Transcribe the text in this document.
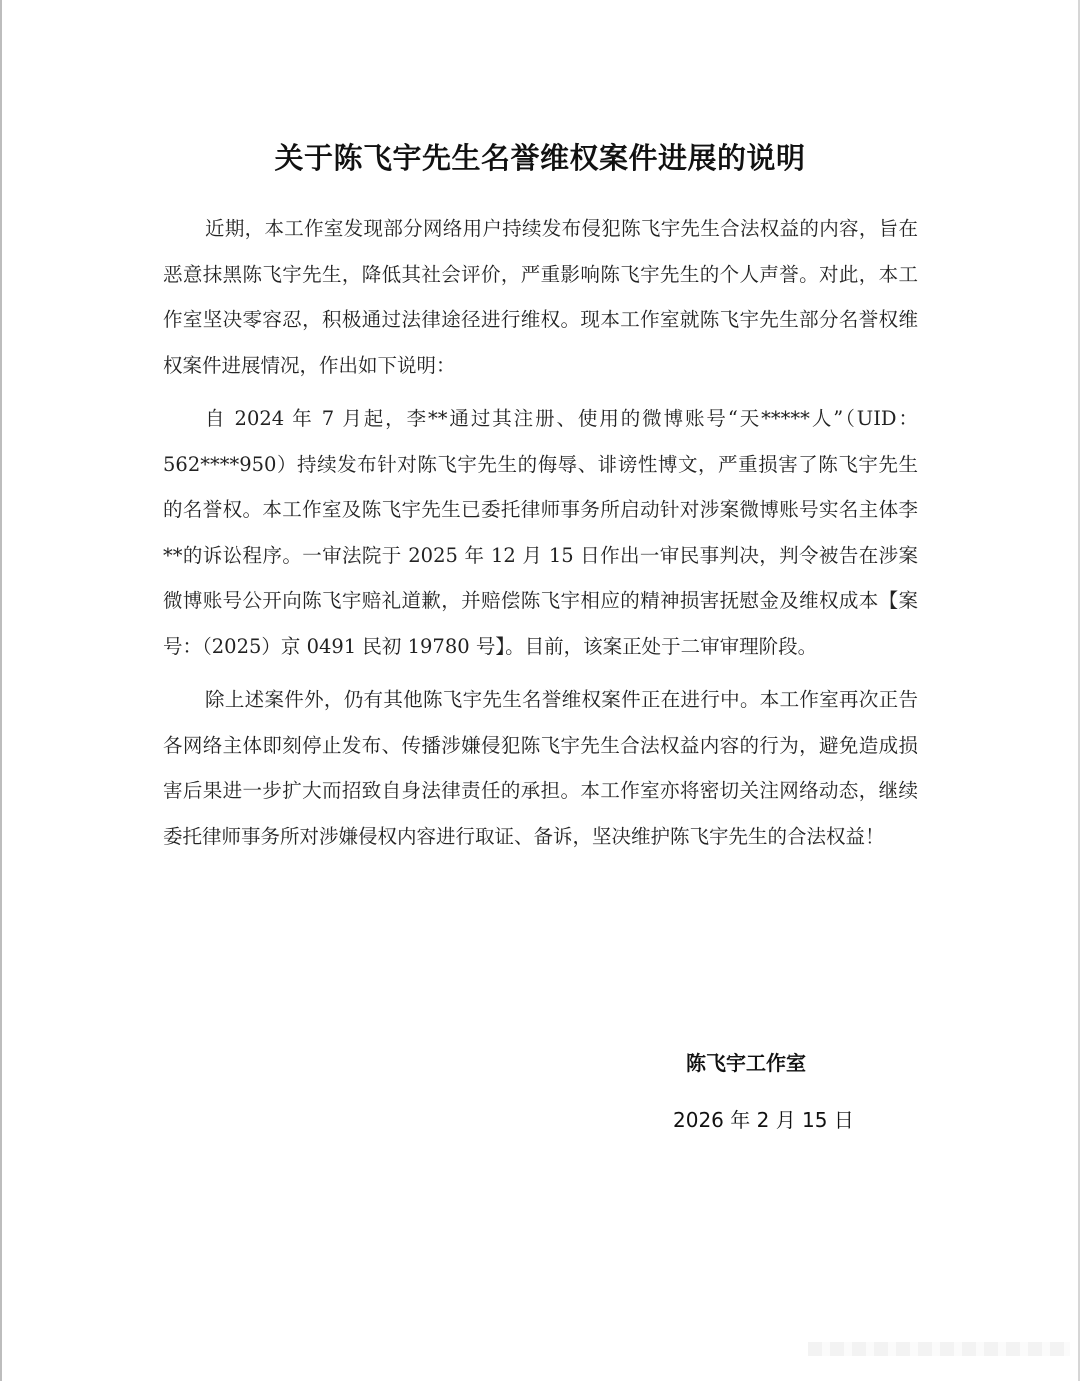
关于陈飞宇先生名誉维权案件进展的说明

近期，本工作室发现部分网络用户持续发布侵犯陈飞宇先生合法权益的内容，旨在恶意抹黑陈飞宇先生，降低其社会评价，严重影响陈飞宇先生的个人声誉。对此，本工作室坚决零容忍，积极通过法律途径进行维权。现本工作室就陈飞宇先生部分名誉权维权案件进展情况，作出如下说明：

自 2024 年 7 月起，李**通过其注册、使用的微博账号“天*****人”（UID：562****950）持续发布针对陈飞宇先生的侮辱、诽谤性博文，严重损害了陈飞宇先生的名誉权。本工作室及陈飞宇先生已委托律师事务所启动针对涉案微博账号实名主体李**的诉讼程序。一审法院于 2025 年 12 月 15 日作出一审民事判决，判令被告在涉案微博账号公开向陈飞宇赔礼道歉，并赔偿陈飞宇相应的精神损害抚慰金及维权成本【案号：（2025）京 0491 民初 19780 号】。目前，该案正处于二审审理阶段。

除上述案件外，仍有其他陈飞宇先生名誉维权案件正在进行中。本工作室再次正告各网络主体即刻停止发布、传播涉嫌侵犯陈飞宇先生合法权益内容的行为，避免造成损害后果进一步扩大而招致自身法律责任的承担。本工作室亦将密切关注网络动态，继续委托律师事务所对涉嫌侵权内容进行取证、备诉，坚决维护陈飞宇先生的合法权益！

陈飞宇工作室
2026 年 2 月 15 日
